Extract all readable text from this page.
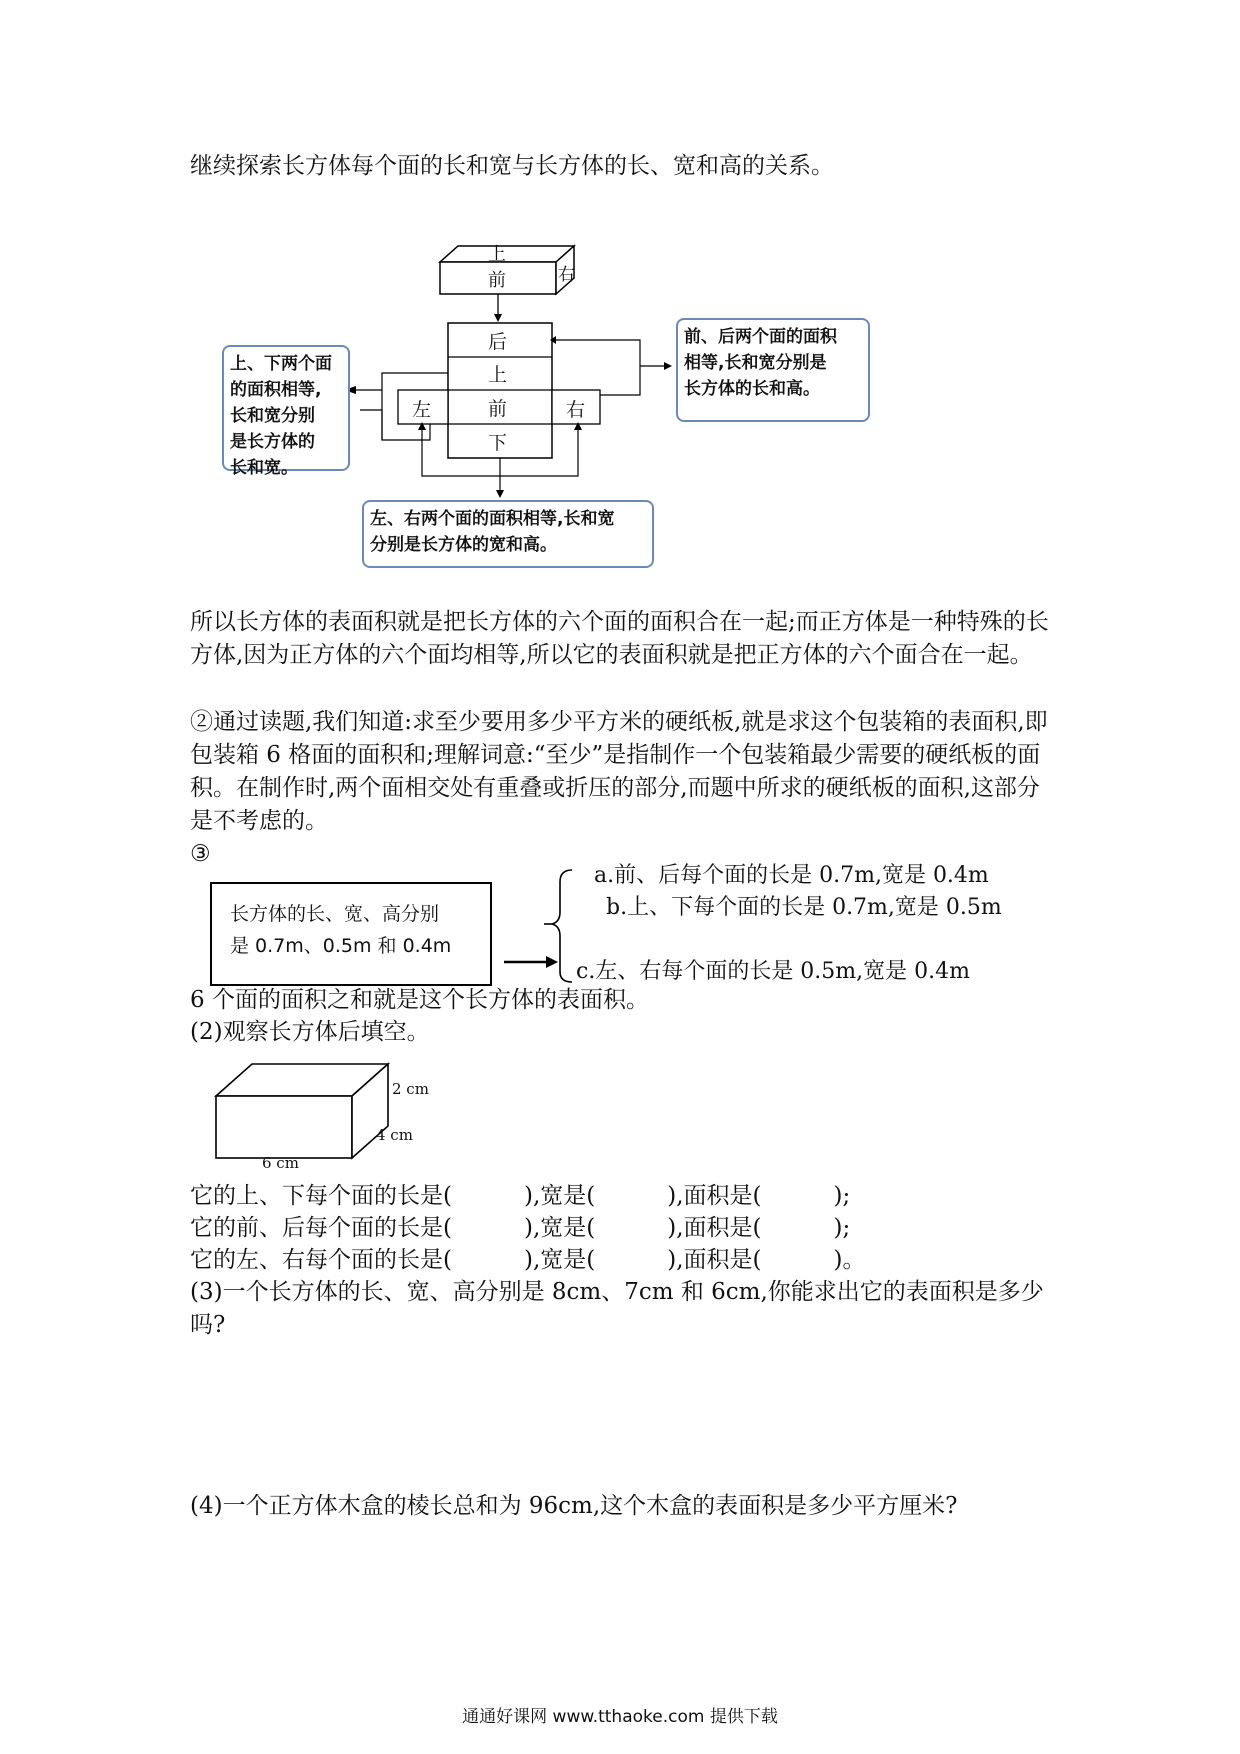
继续探索长方体每个面的长和宽与长方体的长、宽和高的关系。
上
前	右
后
上
前
下
左	右
上、下两个面
的面积相等,
长和宽分别
是长方体的
长和宽。
前、后两个面的面积
相等,长和宽分别是
长方体的长和高。
左、右两个面的面积相等,长和宽
分别是长方体的宽和高。
所以长方体的表面积就是把长方体的六个面的面积合在一起;而正方体是一种特殊的长方体,因为正方体的六个面均相等,所以它的表面积就是把正方体的六个面合在一起。
②通过读题,我们知道:求至少要用多少平方米的硬纸板,就是求这个包装箱的表面积,即包装箱 6 格面的面积和;理解词意:“至少”是指制作一个包装箱最少需要的硬纸板的面积。在制作时,两个面相交处有重叠或折压的部分,而题中所求的硬纸板的面积,这部分是不考虑的。
③
长方体的长、宽、高分别
是 0.7m、0.5m 和 0.4m
a.前、后每个面的长是 0.7m,宽是 0.4m
b.上、下每个面的长是 0.7m,宽是 0.5m
c.左、右每个面的长是 0.5m,宽是 0.4m
6 个面的面积之和就是这个长方体的表面积。
(2)观察长方体后填空。
2 cm
4 cm
6 cm
它的上、下每个面的长是(	),宽是(	),面积是(	);
它的前、后每个面的长是(	),宽是(	),面积是(	);
它的左、右每个面的长是(	),宽是(	),面积是(	)。
(3)一个长方体的长、宽、高分别是 8cm、7cm 和 6cm,你能求出它的表面积是多少吗?
(4)一个正方体木盒的棱长总和为 96cm,这个木盒的表面积是多少平方厘米?
通通好课网 www.tthaoke.com 提供下载
